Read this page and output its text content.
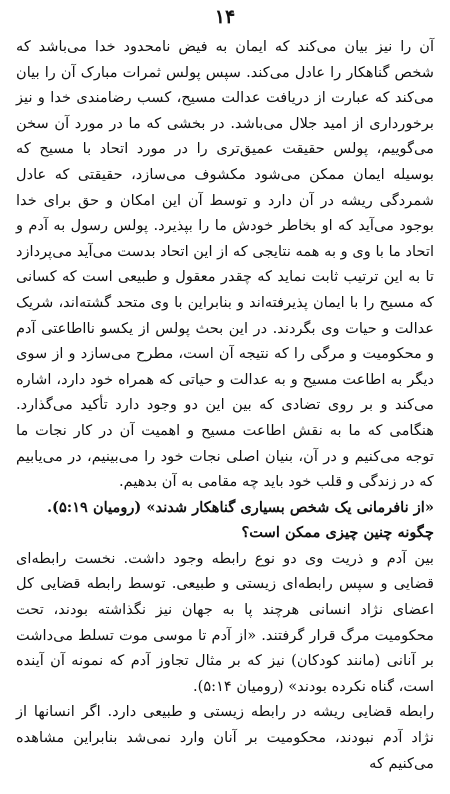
۱۴

آن را نیز بیان می‌کند که ایمان به فیض نامحدود خدا می‌باشد که شخص گناهکار را عادل می‌کند. سپس پولس ثمرات مبارک آن را بیان می‌کند که عبارت از دریافت عدالت مسیح، کسب رضامندی خدا و نیز برخورداری از امید جلال می‌باشد. در بخشی که ما در مورد آن سخن می‌گوییم، پولس حقیقت عمیق‌تری را در مورد اتحاد با مسیح که بوسیله ایمان ممکن می‌شود مکشوف می‌سازد، حقیقتی که عادل شمردگی ریشه در آن دارد و توسط آن این امکان و حق برای خدا بوجود می‌آید که او بخاطر خودش ما را بپذیرد. پولس رسول به آدم و اتحاد ما با وی و به همه نتایجی که از این اتحاد بدست می‌آید می‌پردازد تا به این ترتیب ثابت نماید که چقدر معقول و طبیعی است که کسانی که مسیح را با ایمان پذیرفته‌اند و بنابراین با وی متحد گشته‌اند، شریک عدالت و حیات وی بگردند. در این بحث پولس از یکسو نااطاعتی آدم و محکومیت و مرگی را که نتیجه آن است، مطرح می‌سازد و از سوی دیگر به اطاعت مسیح و به عدالت و حیاتی که همراه خود دارد، اشاره می‌کند و بر روی تضادی که بین این دو وجود دارد تأکید می‌گذارد. هنگامی که ما به نقش اطاعت مسیح و اهمیت آن در کار نجات ما توجه می‌کنیم و در آن، بنیان اصلی نجات خود را می‌بینیم، در می‌یابیم که در زندگی و قلب خود باید چه مقامی به آن بدهیم.

«از نافرمانی یک شخص بسیاری گناهکار شدند» (رومیان ۵:۱۹).

چگونه چنین چیزی ممکن است؟

بین آدم و ذریت وی دو نوع رابطه وجود داشت. نخست رابطه‌ای قضایی و سپس رابطه‌ای زیستی و طبیعی. توسط رابطه قضایی کل اعضای نژاد انسانی هرچند پا به جهان نیز نگذاشته بودند، تحت محکومیت مرگ قرار گرفتند. «از آدم تا موسی موت تسلط می‌داشت بر آنانی (مانند کودکان) نیز که بر مثال تجاوز آدم که نمونه آن آینده است، گناه نکرده بودند» (رومیان ۵:۱۴).

رابطه قضایی ریشه در رابطه زیستی و طبیعی دارد. اگر انسانها از نژاد آدم نبودند، محکومیت بر آنان وارد نمی‌شد بنابراین مشاهده می‌کنیم که
